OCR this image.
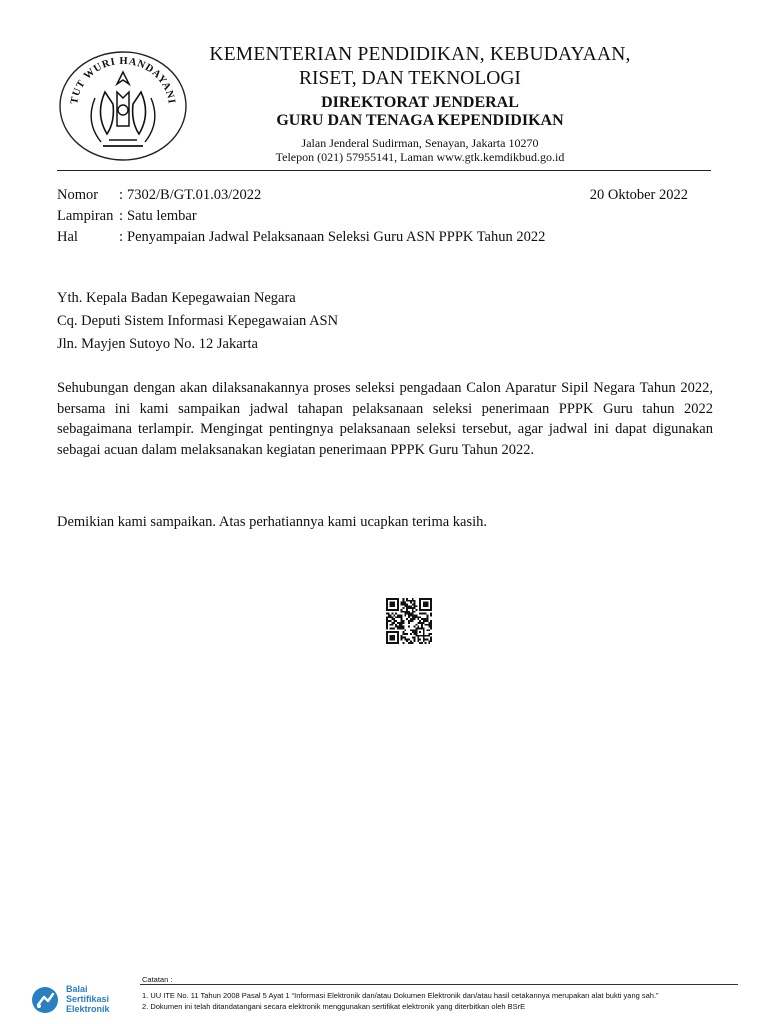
TUT WURI HANDAYANI
KEMENTERIAN PENDIDIKAN, KEBUDAYAAN,
RISET, DAN TEKNOLOGI
DIREKTORAT JENDERAL
GURU DAN TENAGA KEPENDIDIKAN
Jalan Jenderal Sudirman, Senayan, Jakarta 10270
Telepon (021) 57955141, Laman www.gtk.kemdikbud.go.id
Nomor : 7302/B/GT.01.03/2022	20 Oktober 2022
Lampiran : Satu lembar
Hal	: Penyampaian Jadwal Pelaksanaan Seleksi Guru ASN PPPK Tahun 2022
Yth. Kepala Badan Kepegawaian Negara
Cq. Deputi Sistem Informasi Kepegawaian ASN
Jln. Mayjen Sutoyo No. 12 Jakarta
Sehubungan dengan akan dilaksanakannya proses seleksi pengadaan Calon Aparatur Sipil Negara Tahun 2022, bersama ini kami sampaikan jadwal tahapan pelaksanaan seleksi penerimaan PPPK Guru tahun 2022 sebagaimana terlampir. Mengingat pentingnya pelaksanaan seleksi tersebut, agar jadwal ini dapat digunakan sebagai acuan dalam melaksanakan kegiatan penerimaan PPPK Guru Tahun 2022.
Demikian kami sampaikan. Atas perhatiannya kami ucapkan terima kasih.
Balai
Sertifikasi
Elektronik
Catatan :
1. UU ITE No. 11 Tahun 2008 Pasal 5 Ayat 1 “Informasi Elektronik dan/atau Dokumen Elektronik dan/atau hasil cetakannya merupakan alat bukti yang sah.”
2. Dokumen ini telah ditandatangani secara elektronik menggunakan sertifikat elektronik yang diterbitkan oleh BSrE
